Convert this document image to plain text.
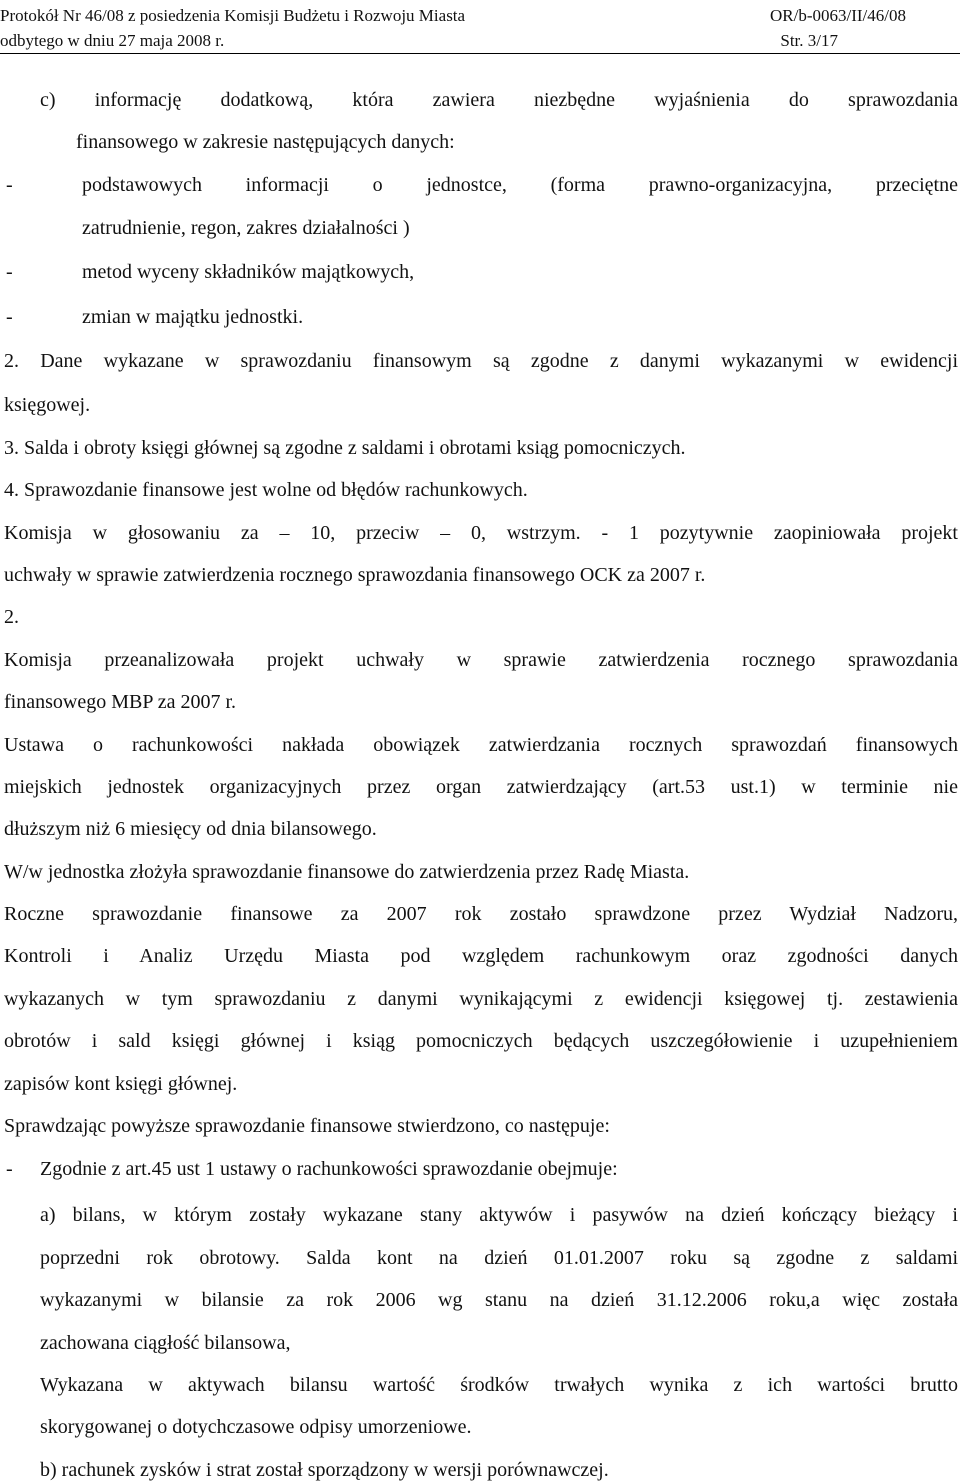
Protokół Nr 46/08 z posiedzenia Komisji Budżetu i Rozwoju Miasta
odbytego w dniu 27 maja 2008 r.
OR/b-0063/II/46/08
Str. 3/17
c) informację dodatkową, która zawiera niezbędne wyjaśnienia do sprawozdania
finansowego w zakresie następujących danych:
-	podstawowych informacji o jednostce, (forma prawno-organizacyjna, przeciętne
zatrudnienie, regon, zakres działalności )
-	metod wyceny składników majątkowych,
-	zmian w majątku jednostki.
2. Dane wykazane w sprawozdaniu finansowym są zgodne z danymi wykazanymi w ewidencji
księgowej.
3. Salda i obroty księgi głównej są zgodne z saldami i obrotami ksiąg pomocniczych.
4. Sprawozdanie finansowe jest wolne od błędów rachunkowych.
Komisja w głosowaniu za – 10, przeciw – 0, wstrzym. - 1 pozytywnie zaopiniowała projekt
uchwały w sprawie zatwierdzenia rocznego sprawozdania finansowego OCK za 2007 r.
2.
Komisja przeanalizowała projekt uchwały w sprawie zatwierdzenia rocznego sprawozdania
finansowego MBP za 2007 r.
Ustawa o rachunkowości nakłada obowiązek zatwierdzania rocznych sprawozdań finansowych
miejskich jednostek organizacyjnych przez organ zatwierdzający (art.53 ust.1) w terminie nie
dłuższym niż 6 miesięcy od dnia bilansowego.
W/w jednostka złożyła sprawozdanie finansowe do zatwierdzenia przez Radę Miasta.
Roczne sprawozdanie finansowe za 2007 rok zostało sprawdzone przez Wydział Nadzoru,
Kontroli i Analiz Urzędu Miasta pod względem rachunkowym oraz zgodności danych
wykazanych w tym sprawozdaniu z danymi wynikającymi z ewidencji księgowej tj. zestawienia
obrotów i sald księgi głównej i ksiąg pomocniczych będących uszczegółowienie i uzupełnieniem
zapisów kont księgi głównej.
Sprawdzając powyższe sprawozdanie finansowe stwierdzono, co następuje:
- Zgodnie z art.45 ust 1 ustawy o rachunkowości sprawozdanie obejmuje:
a) bilans, w którym zostały wykazane stany aktywów i pasywów na dzień kończący bieżący i
poprzedni rok obrotowy. Salda kont na dzień 01.01.2007 roku są zgodne z saldami
wykazanymi w bilansie za rok 2006 wg stanu na dzień 31.12.2006 roku,a więc została
zachowana ciągłość bilansowa,
Wykazana w aktywach bilansu wartość środków trwałych wynika z ich wartości brutto
skorygowanej o dotychczasowe odpisy umorzeniowe.
b) rachunek zysków i strat został sporządzony w wersji porównawczej.
